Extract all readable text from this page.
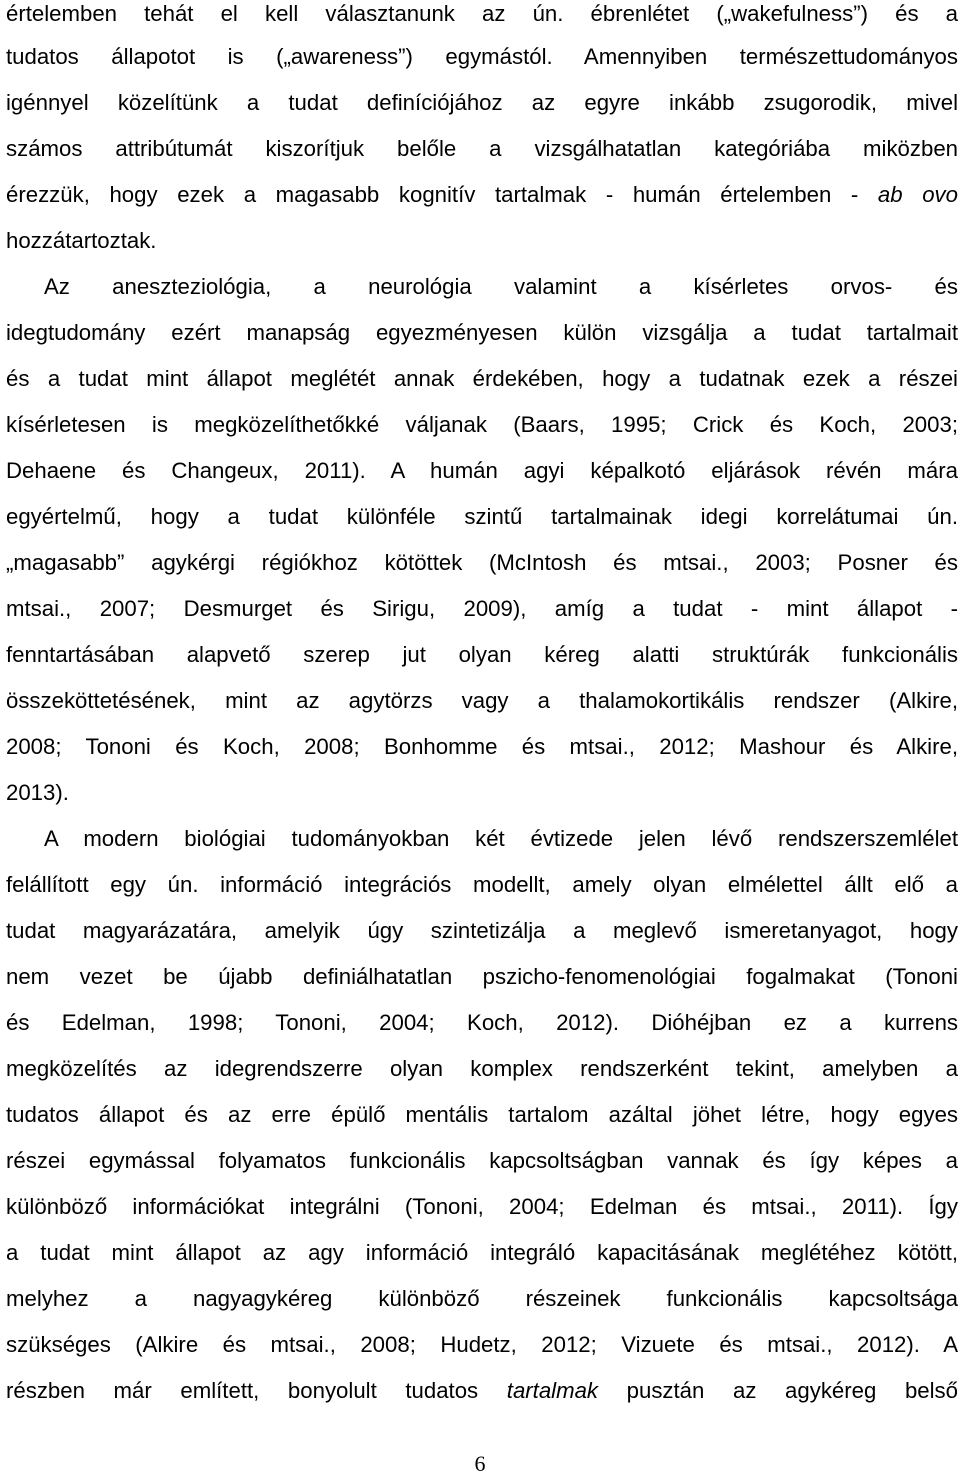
értelemben tehát el kell választanunk az ún. ébrenlétet („wakefulness”) és a
tudatos állapotot is („awareness”) egymástól. Amennyiben természettudományos
igénnyel közelítünk a tudat definíciójához az egyre inkább zsugorodik, mivel
számos attribútumát kiszorítjuk belőle a vizsgálhatatlan kategóriába miközben
érezzük, hogy ezek a magasabb kognitív tartalmak - humán értelemben - ab ovo
hozzátartoztak.
Az aneszteziológia, a neurológia valamint a kísérletes orvos- és
idegtudomány ezért manapság egyezményesen külön vizsgálja a tudat tartalmait
és a tudat mint állapot meglétét annak érdekében, hogy a tudatnak ezek a részei
kísérletesen is megközelíthetőkké váljanak (Baars, 1995; Crick és Koch, 2003;
Dehaene és Changeux, 2011). A humán agyi képalkotó eljárások révén mára
egyértelmű, hogy a tudat különféle szintű tartalmainak idegi korrelátumai ún.
„magasabb” agykérgi régiókhoz kötöttek (McIntosh és mtsai., 2003; Posner és
mtsai., 2007; Desmurget és Sirigu, 2009), amíg a tudat - mint állapot -
fenntartásában alapvető szerep jut olyan kéreg alatti struktúrák funkcionális
összeköttetésének, mint az agytörzs vagy a thalamokortikális rendszer (Alkire,
2008; Tononi és Koch, 2008; Bonhomme és mtsai., 2012; Mashour és Alkire,
2013).
A modern biológiai tudományokban két évtizede jelen lévő rendszerszemlélet
felállított egy ún. információ integrációs modellt, amely olyan elmélettel állt elő a
tudat magyarázatára, amelyik úgy szintetizálja a meglevő ismeretanyagot, hogy
nem vezet be újabb definiálhatatlan pszicho-fenomenológiai fogalmakat (Tononi
és Edelman, 1998; Tononi, 2004; Koch, 2012). Dióhéjban ez a kurrens
megközelítés az idegrendszerre olyan komplex rendszerként tekint, amelyben a
tudatos állapot és az erre épülő mentális tartalom azáltal jöhet létre, hogy egyes
részei egymással folyamatos funkcionális kapcsoltságban vannak és így képes a
különböző információkat integrálni (Tononi, 2004; Edelman és mtsai., 2011). Így
a tudat mint állapot az agy információ integráló kapacitásának meglétéhez kötött,
melyhez a nagyagykéreg különböző részeinek funkcionális kapcsoltsága
szükséges (Alkire és mtsai., 2008; Hudetz, 2012; Vizuete és mtsai., 2012). A
részben már említett, bonyolult tudatos tartalmak pusztán az agykéreg belső
6
